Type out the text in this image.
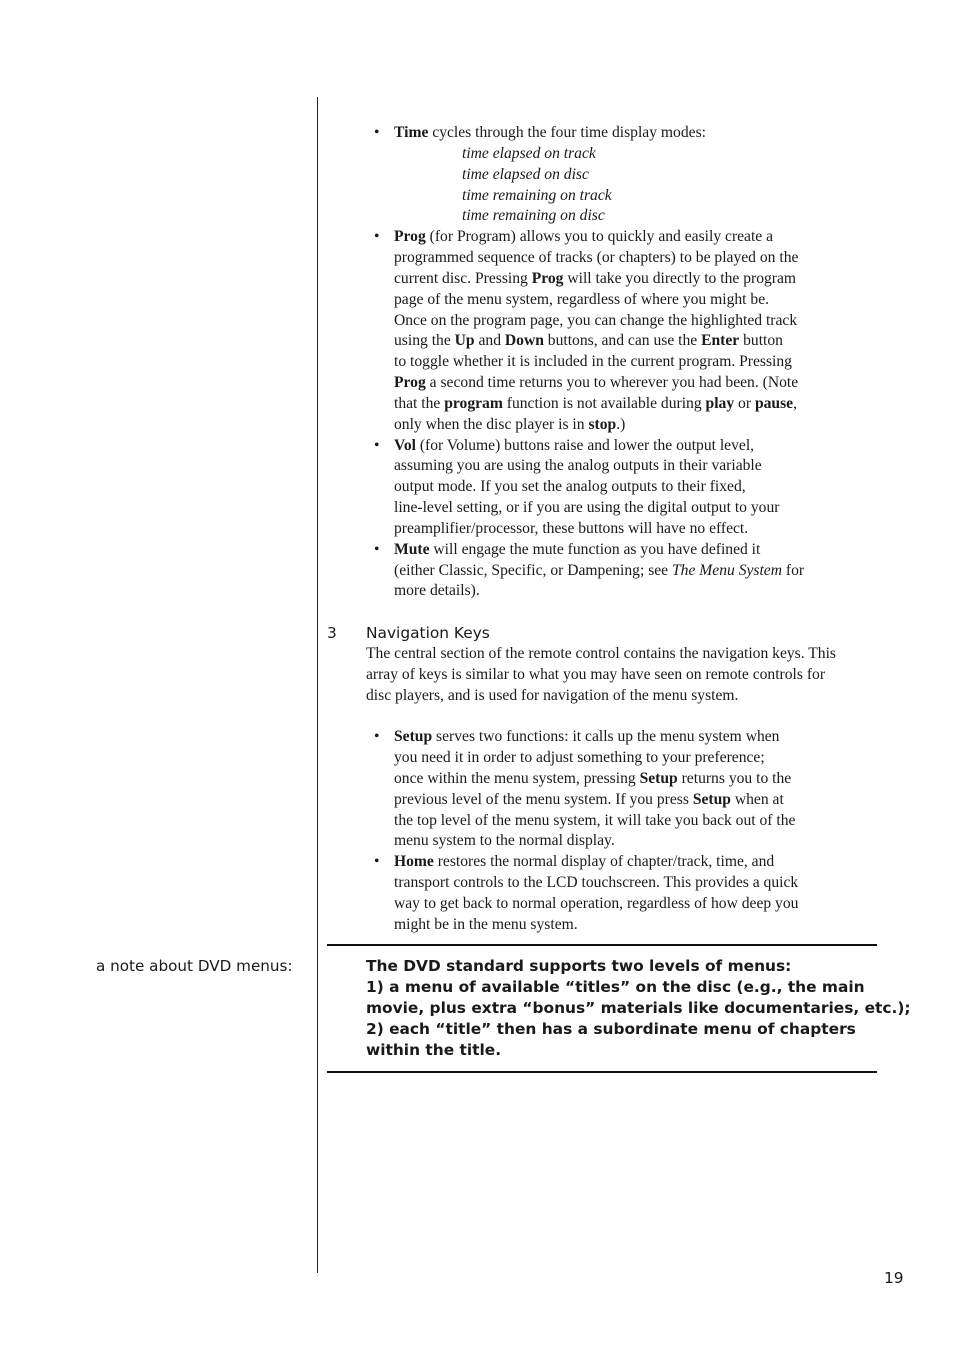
• Time cycles through the four time display modes:
time elapsed on track
time elapsed on disc
time remaining on track
time remaining on disc
• Prog (for Program) allows you to quickly and easily create a
programmed sequence of tracks (or chapters) to be played on the
current disc. Pressing Prog will take you directly to the program
page of the menu system, regardless of where you might be.
Once on the program page, you can change the highlighted track
using the Up and Down buttons, and can use the Enter button
to toggle whether it is included in the current program. Pressing
Prog a second time returns you to wherever you had been. (Note
that the program function is not available during play or pause,
only when the disc player is in stop.)
• Vol (for Volume) buttons raise and lower the output level,
assuming you are using the analog outputs in their variable
output mode. If you set the analog outputs to their fixed,
line-level setting, or if you are using the digital output to your
preamplifier/processor, these buttons will have no effect.
• Mute will engage the mute function as you have defined it
(either Classic, Specific, or Dampening; see The Menu System for
more details).
3 Navigation Keys
The central section of the remote control contains the navigation keys. This
array of keys is similar to what you may have seen on remote controls for
disc players, and is used for navigation of the menu system.
• Setup serves two functions: it calls up the menu system when
you need it in order to adjust something to your preference;
once within the menu system, pressing Setup returns you to the
previous level of the menu system. If you press Setup when at
the top level of the menu system, it will take you back out of the
menu system to the normal display.
• Home restores the normal display of chapter/track, time, and
transport controls to the LCD touchscreen. This provides a quick
way to get back to normal operation, regardless of how deep you
might be in the menu system.
a note about DVD menus:	The DVD standard supports two levels of menus:
1) a menu of available “titles” on the disc (e.g., the main
movie, plus extra “bonus” materials like documentaries, etc.);
2) each “title” then has a subordinate menu of chapters
within the title.
19
